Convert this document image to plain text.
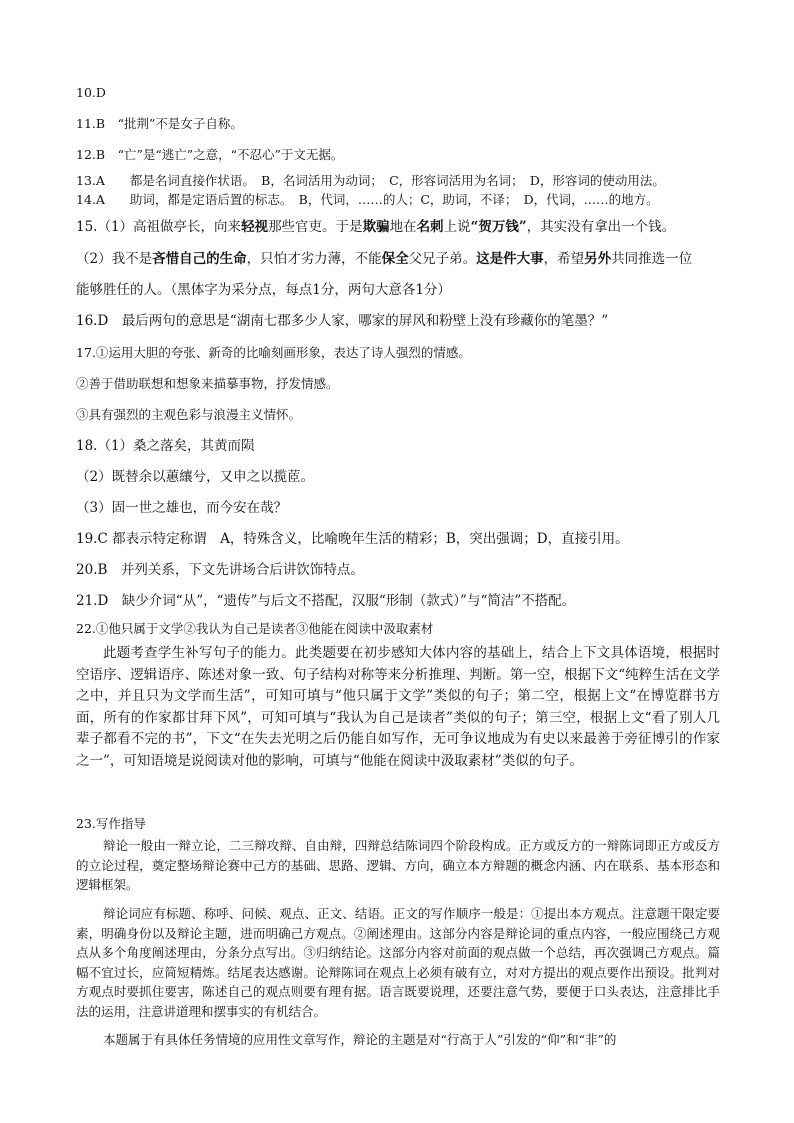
10.D
11.B　“批荆”不是女子自称。
12.B　“亡”是“逃亡”之意，“不忍心”于文无据。
13.A　　都是名词直接作状语。　B，名词活用为动词；　C，形容词活用为名词；　D，形容词的使动用法。
14.A　　助词，都是定语后置的标志。　B，代词，……的人；C，助词，不译；　D，代词，……的地方。
15.（1）高祖做亭长，向来轻视那些官吏。于是欺骗地在名刺上说“贺万钱”，其实没有拿出一个钱。
（2）我不是吝惜自己的生命，只怕才劣力薄，不能保全父兄子弟。这是件大事，希望另外共同推选一位
能够胜任的人。（黑体字为采分点，每点1分，两句大意各1分）
16.D　最后两句的意思是“湖南七郡多少人家，哪家的屏风和粉壁上没有珍藏你的笔墨？”
17.①运用大胆的夸张、新奇的比喻刻画形象，表达了诗人强烈的情感。
②善于借助联想和想象来描摹事物，抒发情感。
③具有强烈的主观色彩与浪漫主义情怀。
18.（1）桑之落矣，其黄而陨
（2）既替余以蕙纕兮，又申之以揽茝。
（3）固一世之雄也，而今安在哉？
19.C 都表示特定称谓　A，特殊含义，比喻晚年生活的精彩；B，突出强调；D，直接引用。
20.B　并列关系，下文先讲场合后讲饮饰特点。
21.D　缺少介词“从”，“遗传”与后文不搭配，汉服“形制（款式）”与“简洁”不搭配。
22.①他只属于文学②我认为自己是读者③他能在阅读中汲取素材
此题考查学生补写句子的能力。此类题要在初步感知大体内容的基础上，结合上下文具体语境，根据时空语序、逻辑语序、陈述对象一致、句子结构对称等来分析推理、判断。第一空，根据下文“纯粹生活在文学之中，并且只为文学而生活”，可知可填与“他只属于文学”类似的句子；第二空，根据上文“在博览群书方面，所有的作家都甘拜下风”，可知可填与“我认为自己是读者”类似的句子；第三空，根据上文“看了别人几辈子都看不完的书”，下文“在失去光明之后仍能自如写作，无可争议地成为有史以来最善于旁征博引的作家之一”，可知语境是说阅读对他的影响，可填与“他能在阅读中汲取素材”类似的句子。
23.写作指导
辩论一般由一辩立论，二三辩攻辩、自由辩，四辩总结陈词四个阶段构成。正方或反方的一辩陈词即正方或反方的立论过程，奠定整场辩论赛中己方的基础、思路、逻辑、方向，确立本方辩题的概念内涵、内在联系、基本形态和逻辑框架。
辩论词应有标题、称呼、问候、观点、正文、结语。正文的写作顺序一般是：①提出本方观点。注意题干限定要素，明确身份以及辩论主题，进而明确己方观点。②阐述理由。这部分内容是辩论词的重点内容，一般应围绕己方观点从多个角度阐述理由，分条分点写出。③归纳结论。这部分内容对前面的观点做一个总结，再次强调己方观点。篇幅不宜过长，应简短精炼。结尾表达感谢。论辩陈词在观点上必须有破有立，对对方提出的观点要作出预设。批判对方观点时要抓住要害，陈述自己的观点则要有理有据。语言既要说理，还要注意气势，要便于口头表达，注意排比手法的运用，注意讲道理和摆事实的有机结合。
本题属于有具体任务情境的应用性文章写作，辩论的主题是对“行高于人”引发的“仰”和“非”的
